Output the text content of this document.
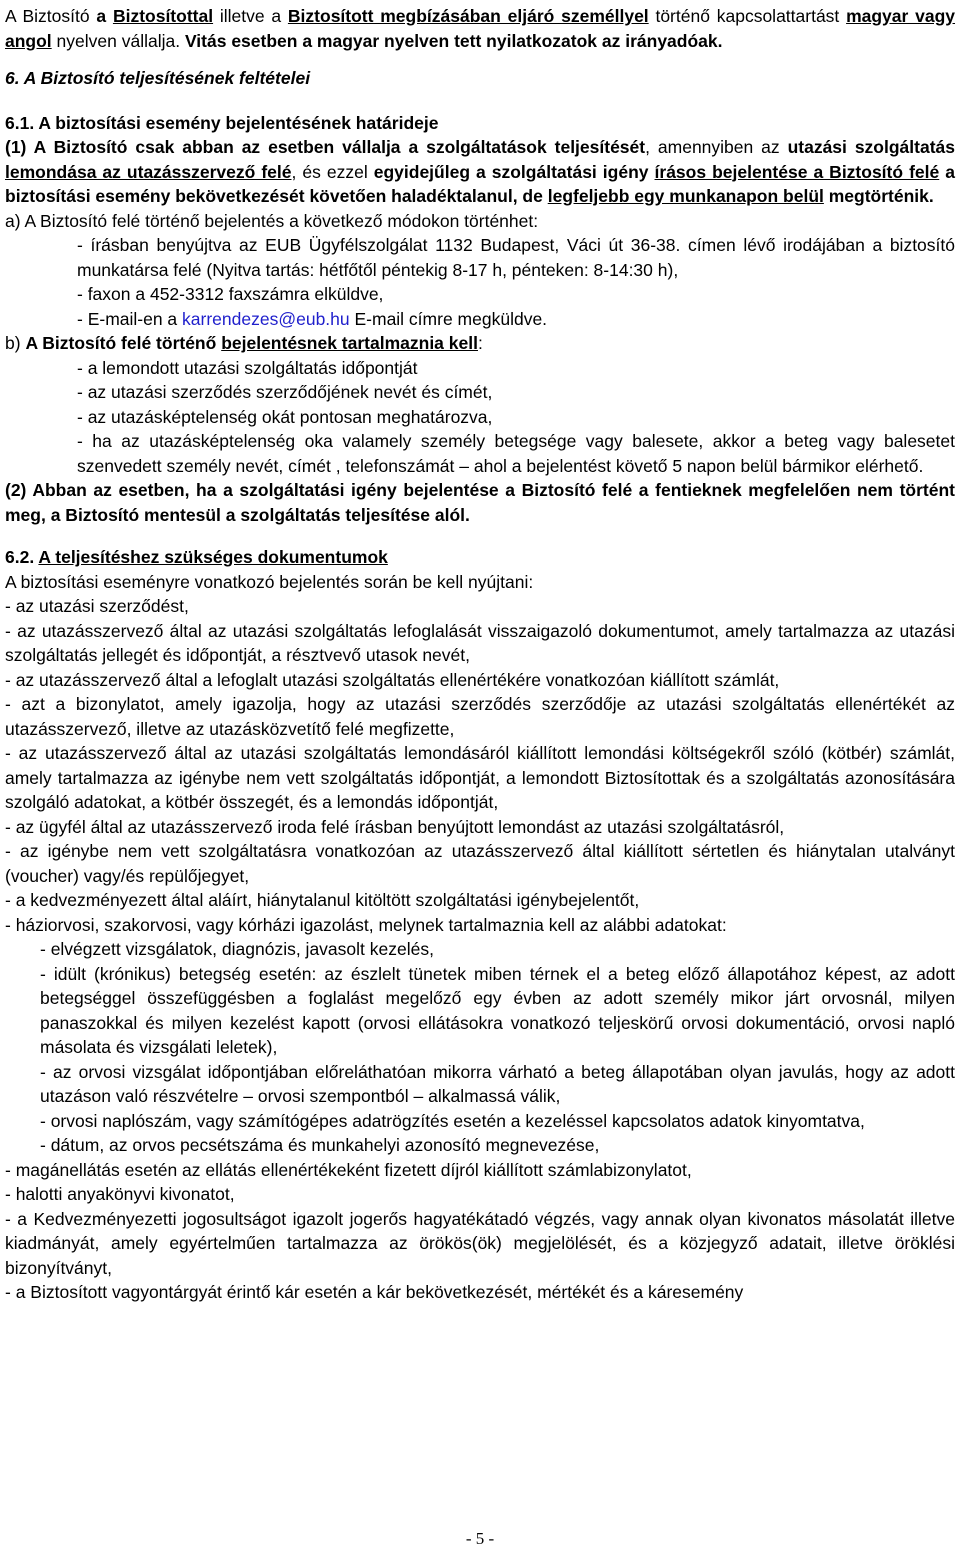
A Biztosító a Biztosítottal illetve a Biztosított megbízásában eljáró személlyel történő kapcsolattartást magyar vagy angol nyelven vállalja. Vitás esetben a magyar nyelven tett nyilatkozatok az irányadóak.

6. A Biztosító teljesítésének feltételei

6.1. A biztosítási esemény bejelentésének határideje

(1) A Biztosító csak abban az esetben vállalja a szolgáltatások teljesítését, amennyiben az utazási szolgáltatás lemondása az utazásszervező felé, és ezzel egyidejűleg a szolgáltatási igény írásos bejelentése a Biztosító felé a biztosítási esemény bekövetkezését követően haladéktalanul, de legfeljebb egy munkanapon belül megtörténik.

a) A Biztosító felé történő bejelentés a következő módokon történhet:

- írásban benyújtva az EUB Ügyfélszolgálat 1132 Budapest, Váci út 36-38. címen lévő irodájában a biztosító munkatársa felé (Nyitva tartás: hétfőtől péntekig 8-17 h, pénteken: 8-14:30 h),

- faxon a 452-3312 faxszámra elküldve,

- E-mail-en a karrendezes@eub.hu E-mail címre megküldve.

b) A Biztosító felé történő bejelentésnek tartalmaznia kell:

- a lemondott utazási szolgáltatás időpontját

- az utazási szerződés szerződőjének nevét és címét,

- az utazásképtelenség okát pontosan meghatározva,

- ha az utazásképtelenség oka valamely személy betegsége vagy balesete, akkor a beteg vagy balesetet szenvedett személy nevét, címét , telefonszámát – ahol a bejelentést követő 5 napon belül bármikor elérhető.

(2) Abban az esetben, ha a szolgáltatási igény bejelentése a Biztosító felé a fentieknek megfelelően nem történt meg, a Biztosító mentesül a szolgáltatás teljesítése alól.

6.2. A teljesítéshez szükséges dokumentumok

A biztosítási eseményre vonatkozó bejelentés során be kell nyújtani:

- az utazási szerződést,

- az utazásszervező által az utazási szolgáltatás lefoglalását visszaigazoló dokumentumot, amely tartalmazza az utazási szolgáltatás jellegét és időpontját, a résztvevő utasok nevét,

- az utazásszervező által a lefoglalt utazási szolgáltatás ellenértékére vonatkozóan kiállított számlát,

- azt a bizonylatot, amely igazolja, hogy az utazási szerződés szerződője az utazási szolgáltatás ellenértékét az utazásszervező, illetve az utazásközvetítő felé megfizette,

- az utazásszervező által az utazási szolgáltatás lemondásáról kiállított lemondási költségekről szóló (kötbér) számlát, amely tartalmazza az igénybe nem vett szolgáltatás időpontját, a lemondott Biztosítottak és a szolgáltatás azonosítására szolgáló adatokat, a kötbér összegét, és a lemondás időpontját,

- az ügyfél által az utazásszervező iroda felé írásban benyújtott lemondást az utazási szolgáltatásról,

- az igénybe nem vett szolgáltatásra vonatkozóan az utazásszervező által kiállított sértetlen és hiánytalan utalványt (voucher) vagy/és repülőjegyet,

- a kedvezményezett által aláírt, hiánytalanul kitöltött szolgáltatási igénybejelentőt,

- háziorvosi, szakorvosi, vagy kórházi igazolást, melynek tartalmaznia kell az alábbi adatokat:

- elvégzett vizsgálatok, diagnózis, javasolt kezelés,

- idült (krónikus) betegség esetén: az észlelt tünetek miben térnek el a beteg előző állapotához képest, az adott betegséggel összefüggésben a foglalást megelőző egy évben az adott személy mikor járt orvosnál, milyen panaszokkal és milyen kezelést kapott (orvosi ellátásokra vonatkozó teljeskörű orvosi dokumentáció, orvosi napló másolata és vizsgálati leletek),

- az orvosi vizsgálat időpontjában előreláthatóan mikorra várható a beteg állapotában olyan javulás, hogy az adott utazáson való részvételre – orvosi szempontból – alkalmassá válik,

- orvosi naplószám, vagy számítógépes adatrögzítés esetén a kezeléssel kapcsolatos adatok kinyomtatva,

- dátum, az orvos pecsétszáma és munkahelyi azonosító megnevezése,

- magánellátás esetén az ellátás ellenértékeként fizetett díjról kiállított számlabizonylatot,

- halotti anyakönyvi kivonatot,

- a Kedvezményezetti jogosultságot igazolt jogerős hagyatékátadó végzés, vagy annak olyan kivonatos másolatát illetve kiadmányát, amely egyértelműen tartalmazza az örökös(ök) megjelölését, és a közjegyző adatait, illetve öröklési bizonyítványt,

- a Biztosított vagyontárgyát érintő kár esetén a kár bekövetkezését, mértékét és a káresemény

- 5 -
